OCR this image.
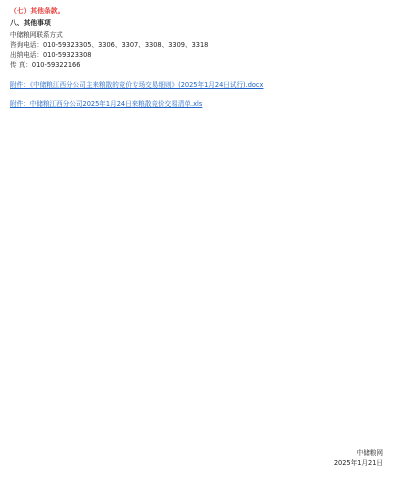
（七）其他条款。

八、其他事项

中储粮网联系方式
咨询电话：010-59323305、3306、3307、3308、3309、3318
出纳电话：010-59323308
传 真：010-59322166
附件：《中储粮江西分公司主来粮散的竞价专场交易细则》(2025年1月24日试行).docx
附件：中储粮江西分公司2025年1月24日来粮散竞价交易清单.xls
中储粮网
2025年1月21日
